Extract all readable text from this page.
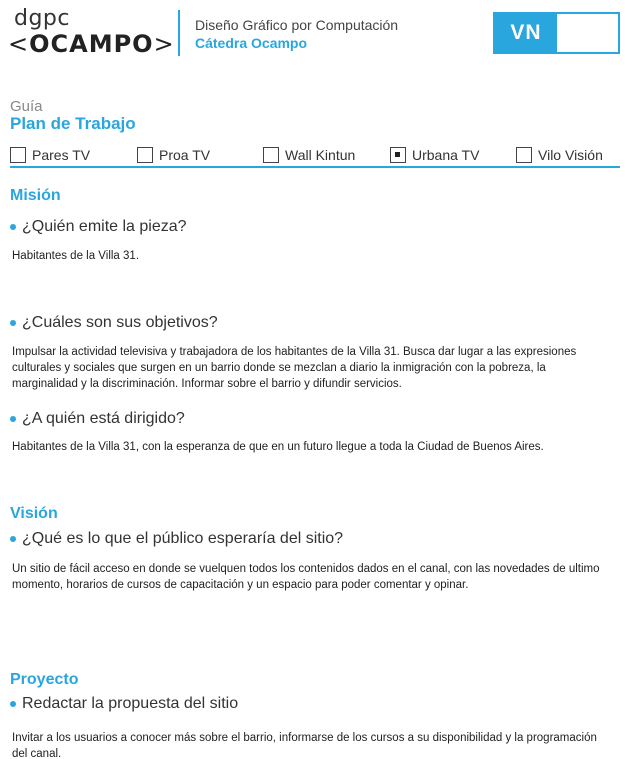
dgpc
<OCAMPO>
Diseño Gráfico por Computación
Cátedra Ocampo	VN
Guía
Plan de Trabajo
Pares TV	Proa TV	Wall Kintun	Urbana TV	Vilo Visión
Misión
¿Quién emite la pieza?
Habitantes de la Villa 31.
¿Cuáles son sus objetivos?
Impulsar la actividad televisiva y trabajadora de los habitantes de la Villa 31. Busca dar lugar a las expresiones culturales y sociales que surgen en un barrio donde se mezclan a diario la inmigración con la pobreza, la marginalidad y la discriminación. Informar sobre el barrio y difundir servicios.
¿A quién está dirigido?
Habitantes de la Villa 31, con la esperanza de que en un futuro llegue a toda la Ciudad de Buenos Aires.
Visión
¿Qué es lo que el público esperaría del sitio?
Un sitio de fácil acceso en donde se vuelquen todos los contenidos dados en el canal, con las novedades de ultimo momento, horarios de cursos de capacitación y un espacio para poder comentar y opinar.
Proyecto
Redactar la propuesta del sitio
Invitar a los usuarios a conocer más sobre el barrio, informarse de los cursos a su disponibilidad y la programación del canal.
